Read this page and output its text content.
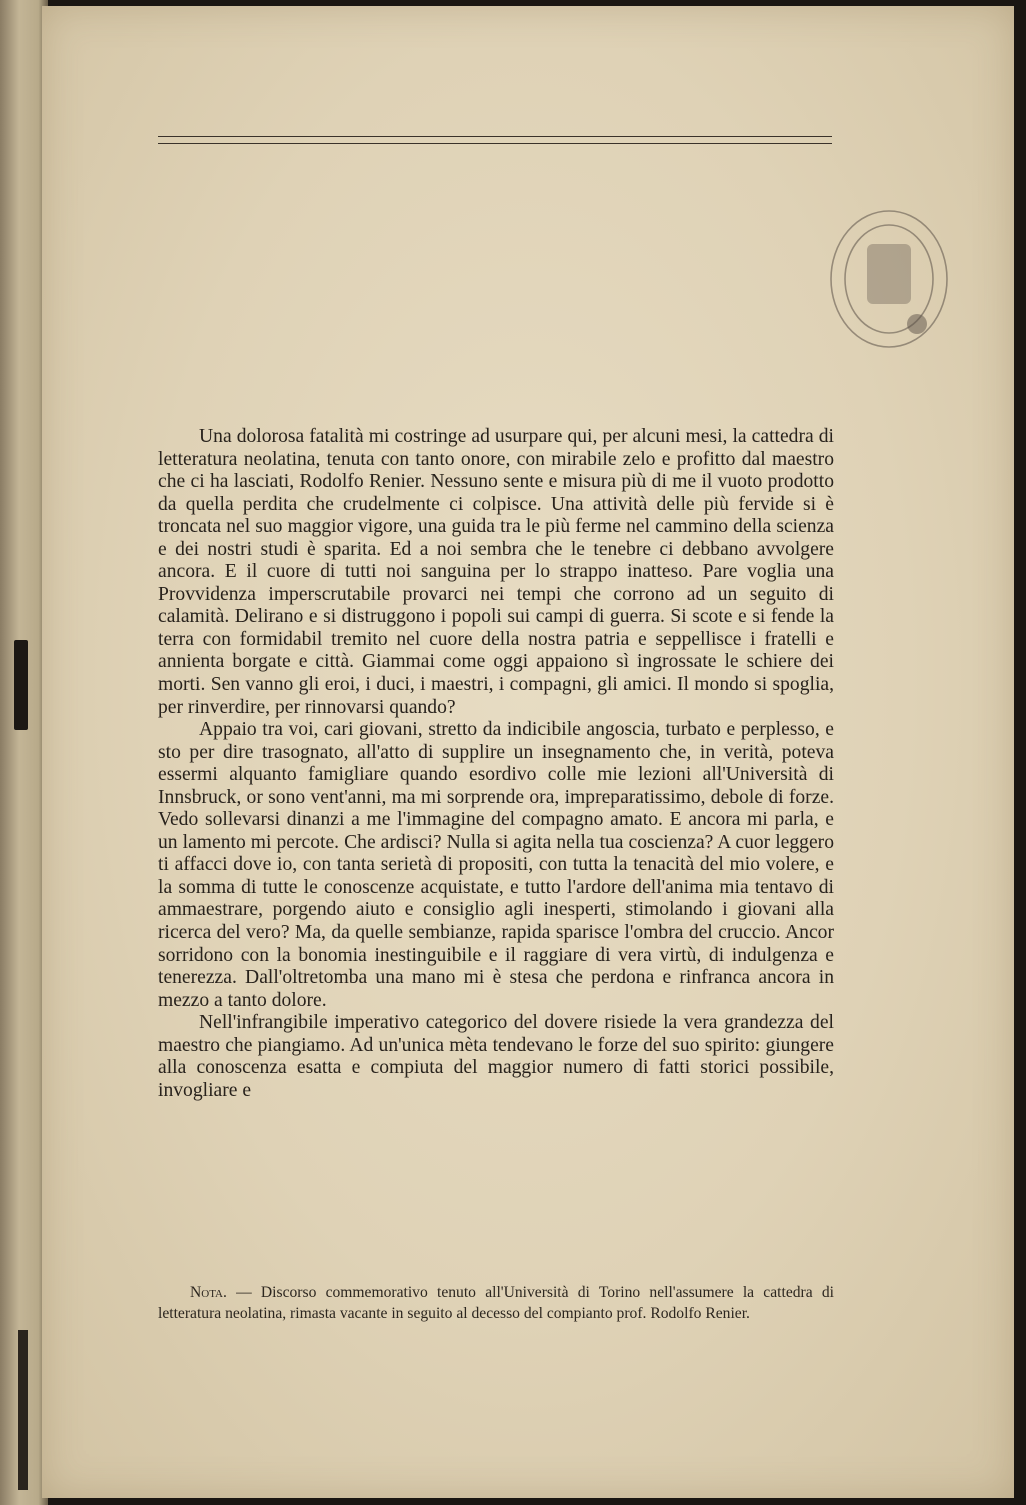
Una dolorosa fatalità mi costringe ad usurpare qui, per alcuni mesi, la cattedra di letteratura neolatina, tenuta con tanto onore, con mirabile zelo e profitto dal maestro che ci ha lasciati, Rodolfo Renier. Nessuno sente e misura più di me il vuoto prodotto da quella perdita che crudelmente ci colpisce. Una attività delle più fervide si è troncata nel suo maggior vigore, una guida tra le più ferme nel cammino della scienza e dei nostri studi è sparita. Ed a noi sembra che le tenebre ci debbano avvolgere ancora. E il cuore di tutti noi sanguina per lo strappo inatteso. Pare voglia una Provvidenza imperscrutabile provarci nei tempi che corrono ad un seguito di calamità. Delirano e si distruggono i popoli sui campi di guerra. Si scote e si fende la terra con formidabil tremito nel cuore della nostra patria e seppellisce i fratelli e annienta borgate e città. Giammai come oggi appaiono sì ingrossate le schiere dei morti. Sen vanno gli eroi, i duci, i maestri, i compagni, gli amici. Il mondo si spoglia, per rinverdire, per rinnovarsi quando?

Appaio tra voi, cari giovani, stretto da indicibile angoscia, turbato e perplesso, e sto per dire trasognato, all'atto di supplire un insegnamento che, in verità, poteva essermi alquanto famigliare quando esordivo colle mie lezioni all'Università di Innsbruck, or sono vent'anni, ma mi sorprende ora, impreparatissimo, debole di forze. Vedo sollevarsi dinanzi a me l'immagine del compagno amato. E ancora mi parla, e un lamento mi percote. Che ardisci? Nulla si agita nella tua coscienza? A cuor leggero ti affacci dove io, con tanta serietà di propositi, con tutta la tenacità del mio volere, e la somma di tutte le conoscenze acquistate, e tutto l'ardore dell'anima mia tentavo di ammaestrare, porgendo aiuto e consiglio agli inesperti, stimolando i giovani alla ricerca del vero? Ma, da quelle sembianze, rapida sparisce l'ombra del cruccio. Ancor sorridono con la bonomia inestinguibile e il raggiare di vera virtù, di indulgenza e tenerezza. Dall'oltretomba una mano mi è stesa che perdona e rinfranca ancora in mezzo a tanto dolore.

Nell'infrangibile imperativo categorico del dovere risiede la vera grandezza del maestro che piangiamo. Ad un'unica mèta tendevano le forze del suo spirito: giungere alla conoscenza esatta e compiuta del maggior numero di fatti storici possibile, invogliare e

Nota. — Discorso commemorativo tenuto all'Università di Torino nell'assumere la cattedra di letteratura neolatina, rimasta vacante in seguito al decesso del compianto prof. Rodolfo Renier.
